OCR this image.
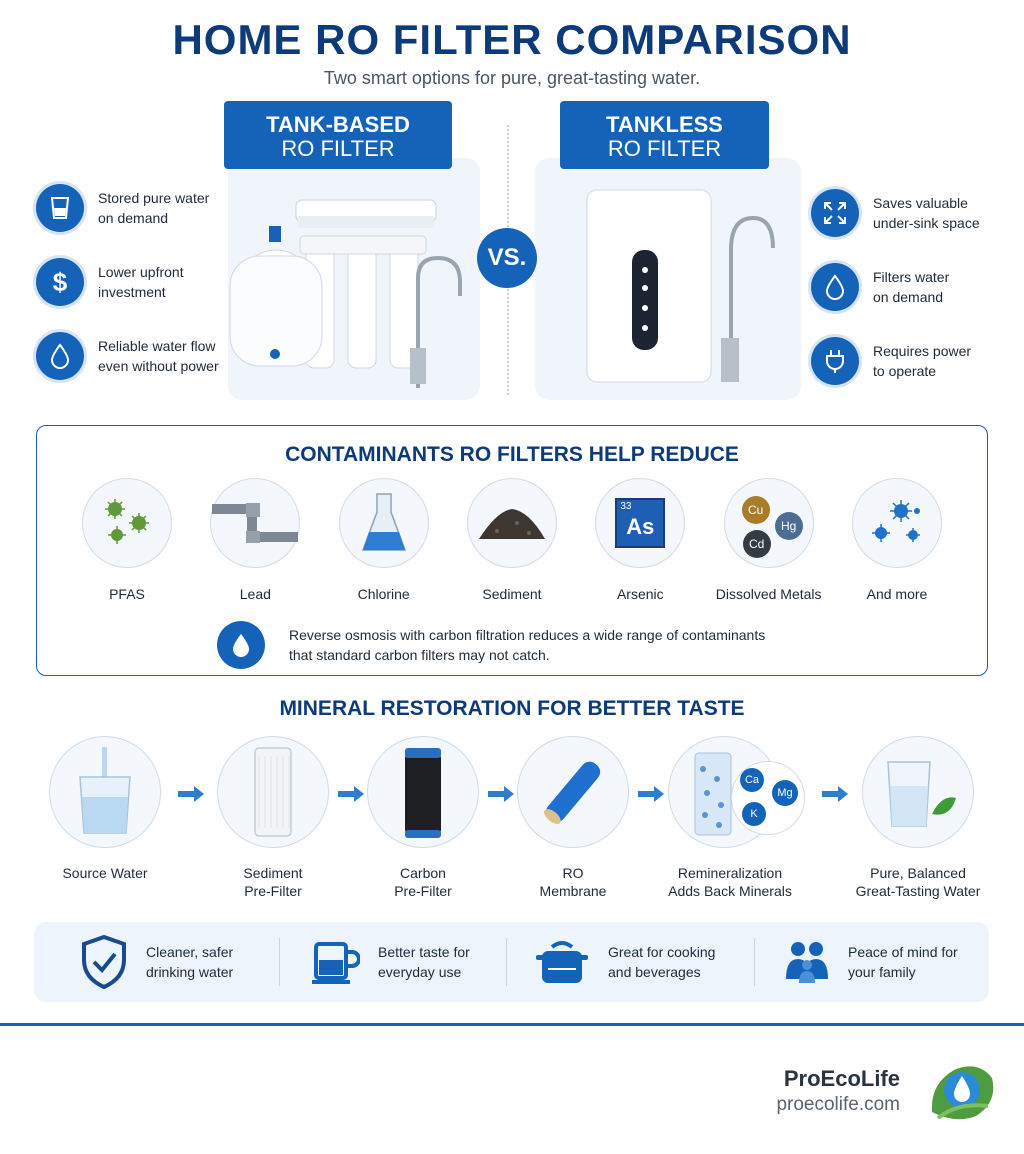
HOME RO FILTER COMPARISON
Two smart options for pure, great-tasting water.
TANK-BASED
RO FILTER
TANKLESS
RO FILTER
VS.
Stored pure water
on demand
$ Lower upfront
investment
Reliable water flow
even without power
Saves valuable
under-sink space
Filters water
on demand
Requires power
to operate
CONTAMINANTS RO FILTERS HELP REDUCE
PFAS	Lead	Chlorine	Sediment
33
As
Arsenic
Cu
Hg
Cd
Dissolved Metals	And more
Reverse osmosis with carbon filtration reduces a wide range of contaminants
that standard carbon filters may not catch.
MINERAL RESTORATION FOR BETTER TASTE
Source Water	Sediment
Pre-Filter
Carbon
Pre-Filter
RO
Membrane
Ca
Mg
K
Remineralization
Adds Back Minerals
Pure, Balanced
Great-Tasting Water
Cleaner, safer
drinking water
Better taste for
everyday use
Great for cooking
and beverages
Peace of mind for
your family
ProEcoLife
proecolife.com
